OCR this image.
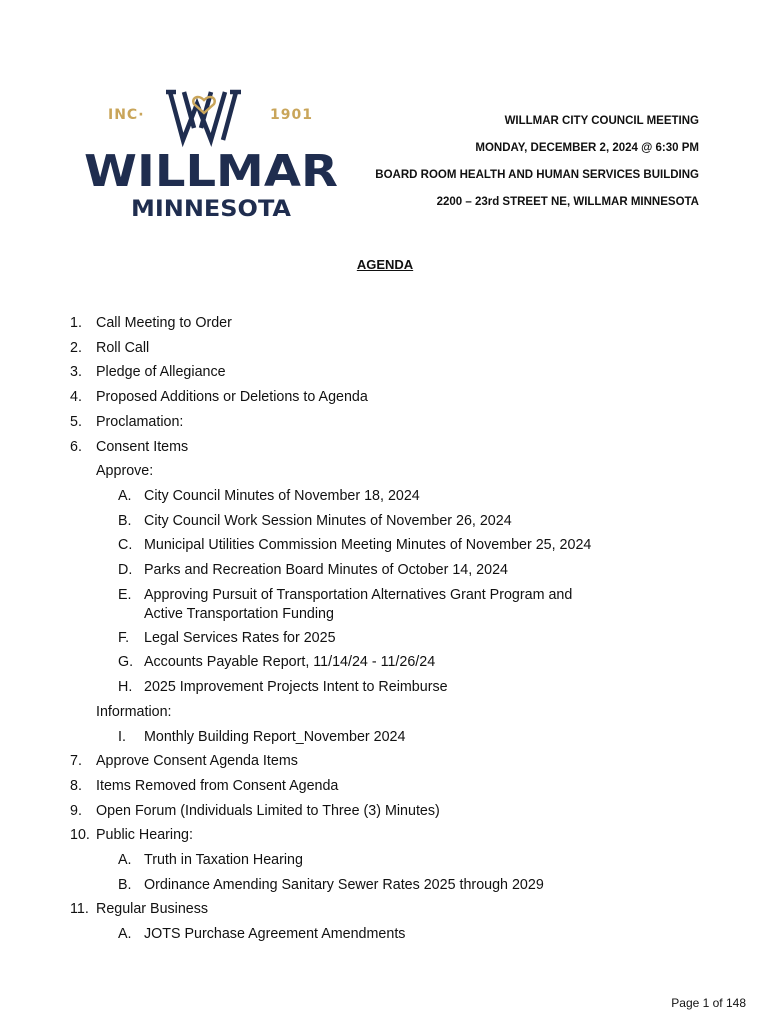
INC·	1901
WILLMAR
MINNESOTA
WILLMAR CITY COUNCIL MEETING
MONDAY, DECEMBER 2, 2024 @ 6:30 PM
BOARD ROOM HEALTH AND HUMAN SERVICES BUILDING
2200 – 23rd STREET NE, WILLMAR MINNESOTA
AGENDA
1. Call Meeting to Order
2. Roll Call
3. Pledge of Allegiance
4. Proposed Additions or Deletions to Agenda
5. Proclamation:
6. Consent Items
Approve:
A. City Council Minutes of November 18, 2024
B. City Council Work Session Minutes of November 26, 2024
C. Municipal Utilities Commission Meeting Minutes of November 25, 2024
D. Parks and Recreation Board Minutes of October 14, 2024
E. Approving Pursuit of Transportation Alternatives Grant Program and Active Transportation Funding
F.	Legal Services Rates for 2025
G. Accounts Payable Report, 11/14/24 - 11/26/24
H. 2025 Improvement Projects Intent to Reimburse
Information:
I.	Monthly Building Report_November 2024
7. Approve Consent Agenda Items
8. Items Removed from Consent Agenda
9. Open Forum (Individuals Limited to Three (3) Minutes)
10. Public Hearing:
A. Truth in Taxation Hearing
B. Ordinance Amending Sanitary Sewer Rates 2025 through 2029
11. Regular Business
A. JOTS Purchase Agreement Amendments
Page 1 of 148
